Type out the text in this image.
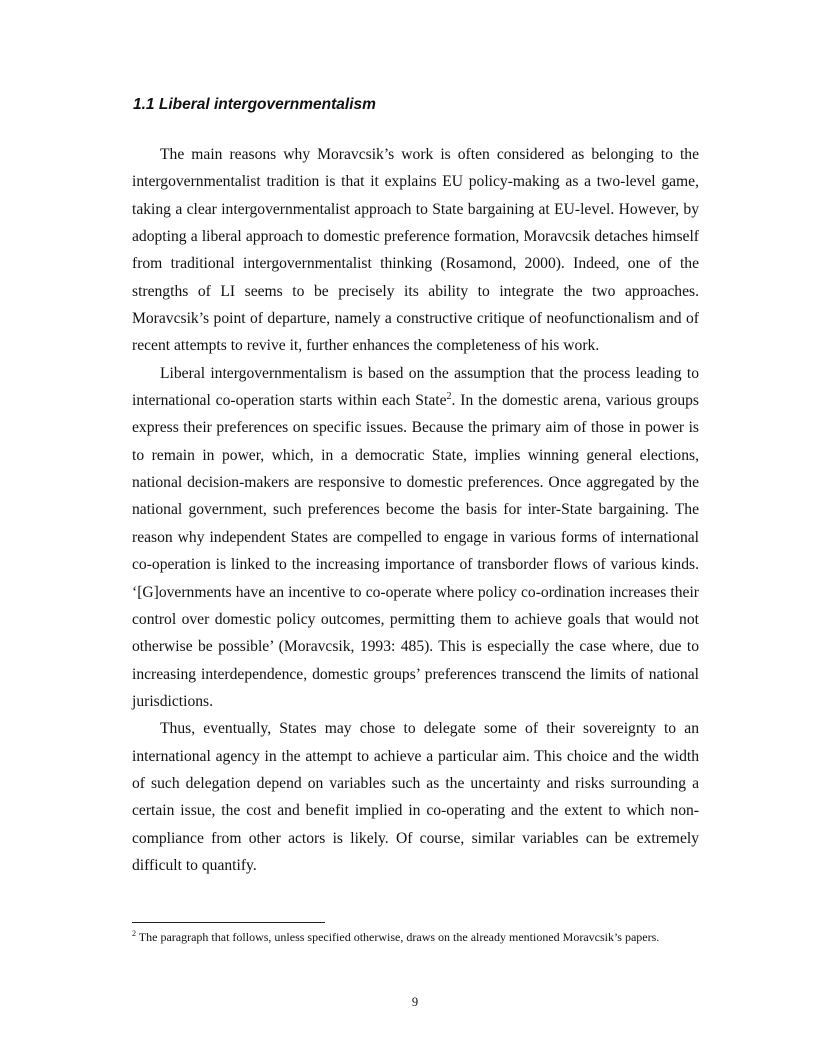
1.1 Liberal intergovernmentalism

The main reasons why Moravcsik’s work is often considered as belonging to the intergovernmentalist tradition is that it explains EU policy-making as a two-level game, taking a clear intergovernmentalist approach to State bargaining at EU-level. However, by adopting a liberal approach to domestic preference formation, Moravcsik detaches himself from traditional intergovernmentalist thinking (Rosamond, 2000). Indeed, one of the strengths of LI seems to be precisely its ability to integrate the two approaches. Moravcsik’s point of departure, namely a constructive critique of neofunctionalism and of recent attempts to revive it, further enhances the completeness of his work.

Liberal intergovernmentalism is based on the assumption that the process leading to international co-operation starts within each State$^2$. In the domestic arena, various groups express their preferences on specific issues. Because the primary aim of those in power is to remain in power, which, in a democratic State, implies winning general elections, national decision-makers are responsive to domestic preferences. Once aggregated by the national government, such preferences become the basis for inter-State bargaining. The reason why independent States are compelled to engage in various forms of international co-operation is linked to the increasing importance of transborder flows of various kinds. ‘[G]overnments have an incentive to co-operate where policy co-ordination increases their control over domestic policy outcomes, permitting them to achieve goals that would not otherwise be possible’ (Moravcsik, 1993: 485). This is especially the case where, due to increasing interdependence, domestic groups’ preferences transcend the limits of national jurisdictions.

Thus, eventually, States may chose to delegate some of their sovereignty to an international agency in the attempt to achieve a particular aim. This choice and the width of such delegation depend on variables such as the uncertainty and risks surrounding a certain issue, the cost and benefit implied in co-operating and the extent to which non-compliance from other actors is likely. Of course, similar variables can be extremely difficult to quantify.

$^2$ The paragraph that follows, unless specified otherwise, draws on the already mentioned Moravcsik’s papers.

9
